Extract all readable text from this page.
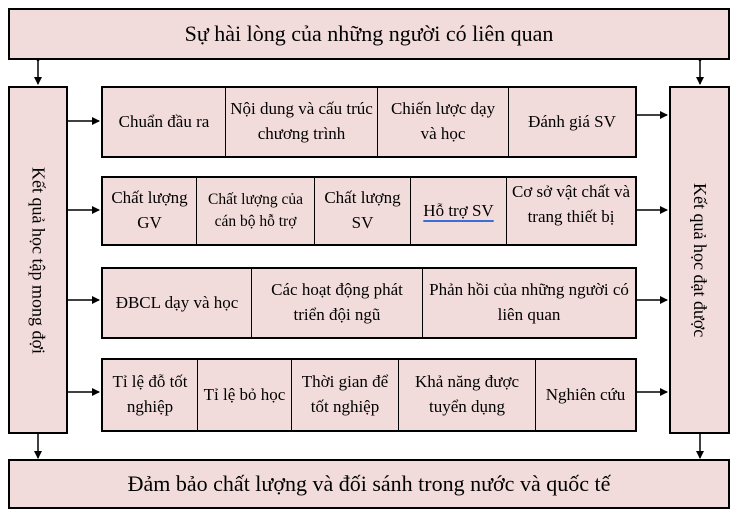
Sự hài lòng của những người có liên quan
Kết quả học tập mong đợi	Kết quả học đạt được
Chuẩn đầu ra
Nội dung và cấu trúc chương trình
Chiến lược dạy và học
Đánh giá SV
Chất lượng GV
Chất lượng của cán bộ hỗ trợ
Chất lượng SV
Hỗ trợ SV
Cơ sở vật chất và trang thiết bị
ĐBCL dạy và học
Các hoạt động phát triển đội ngũ
Phản hồi của những người có liên quan
Tỉ lệ đỗ tốt nghiệp
Tỉ lệ bỏ học
Thời gian để tốt nghiệp
Khả năng được tuyển dụng
Nghiên cứu
Đảm bảo chất lượng và đối sánh trong nước và quốc tế
